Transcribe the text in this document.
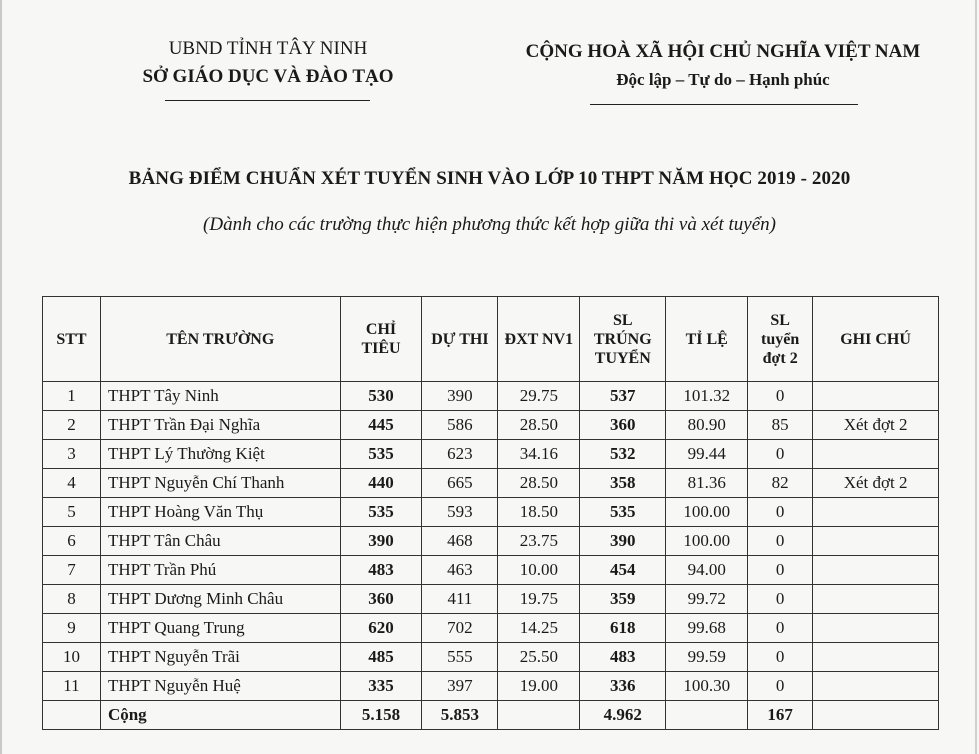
UBND TỈNH TÂY NINH
SỞ GIÁO DỤC VÀ ĐÀO TẠO
CỘNG HOÀ XÃ HỘI CHỦ NGHĨA VIỆT NAM
Độc lập – Tự do – Hạnh phúc
BẢNG ĐIỂM CHUẨN XÉT TUYỂN SINH VÀO LỚP 10 THPT NĂM HỌC 2019 - 2020
(Dành cho các trường thực hiện phương thức kết hợp giữa thi và xét tuyển)
STT	TÊN TRƯỜNG	CHỈ TIÊU	DỰ THI	ĐXT NV1	SL TRÚNG TUYỂN	TỈ LỆ	SL tuyển đợt 2	GHI CHÚ
1	THPT Tây Ninh	530	390	29.75	537	101.32	0	
2	THPT Trần Đại Nghĩa	445	586	28.50	360	80.90	85	Xét đợt 2
3	THPT Lý Thường Kiệt	535	623	34.16	532	99.44	0	
4	THPT Nguyễn Chí Thanh	440	665	28.50	358	81.36	82	Xét đợt 2
5	THPT Hoàng Văn Thụ	535	593	18.50	535	100.00	0	
6	THPT Tân Châu	390	468	23.75	390	100.00	0	
7	THPT Trần Phú	483	463	10.00	454	94.00	0	
8	THPT Dương Minh Châu	360	411	19.75	359	99.72	0	
9	THPT Quang Trung	620	702	14.25	618	99.68	0	
10	THPT Nguyễn Trãi	485	555	25.50	483	99.59	0	
11	THPT Nguyễn Huệ	335	397	19.00	336	100.30	0	
	Cộng	5.158	5.853		4.962		167	
